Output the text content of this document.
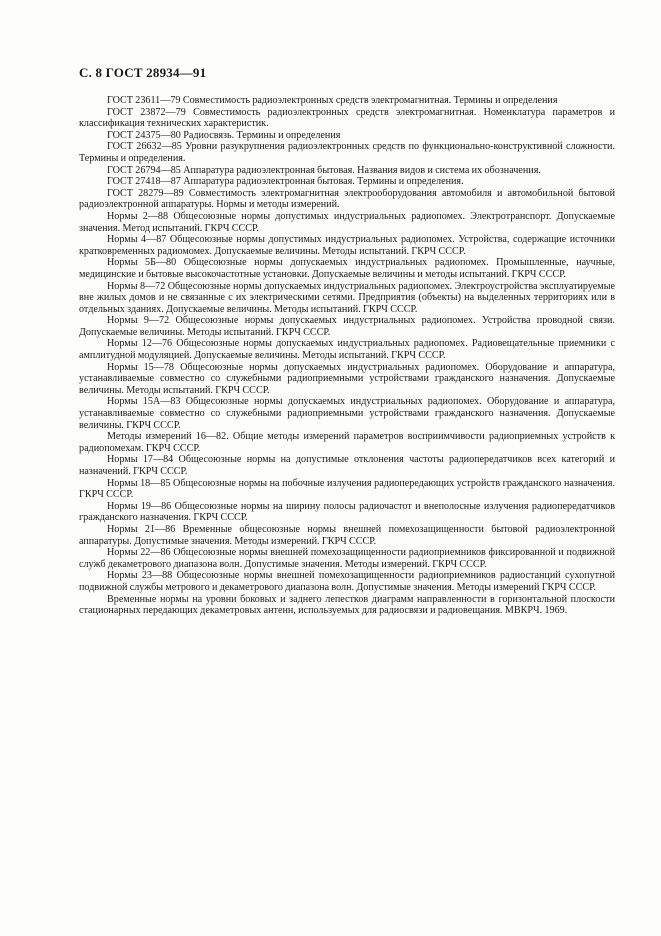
С. 8 ГОСТ 28934—91

ГОСТ 23611—79 Совместимость радиоэлектронных средств электромагнитная. Термины и определения

ГОСТ 23872—79 Совместимость радиоэлектронных средств электромагнитная. Номенклатура параметров и классификация технических характеристик.

ГОСТ 24375—80 Радиосвязь. Термины и определения

ГОСТ 26632—85 Уровни разукрупнения радиоэлектронных средств по функционально-конструктивной сложности. Термины и определения.

ГОСТ 26794—85 Аппаратура радиоэлектронная бытовая. Названия видов и система их обозначения.

ГОСТ 27418—87 Аппаратура радиоэлектронная бытовая. Термины и определения.

ГОСТ 28279—89 Совместимость электромагнитная электрооборудования автомобиля и автомобильной бытовой радиоэлектронной аппаратуры. Нормы и методы измерений.

Нормы 2—88 Общесоюзные нормы допустимых индустриальных радиопомех. Электротранспорт. Допускаемые значения. Метод испытаний. ГКРЧ СССР.

Нормы 4—87 Общесоюзные нормы допустимых индустриальных радиопомех. Устройства, содержащие источники кратковременных радиомомех. Допускаемые величины. Методы испытаний. ГКРЧ СССР.

Нормы 5Б—80 Общесоюзные нормы допускаемых индустриальных радиопомех. Промышленные, научные, медицинские и бытовые высокочастотные установки. Допускаемые величины и методы испытаний. ГКРЧ СССР.

Нормы 8—72 Общесоюзные нормы допускаемых индустриальных радиопомех. Электроустройства эксплуатируемые вне жилых домов и не связанные с их электрическими сетями. Предприятия (объекты) на выделенных территориях или в отдельных зданиях. Допускаемые величины. Методы испытаний. ГКРЧ СССР.

Нормы 9—72 Общесоюзные нормы допускаемых индустриальных радиопомех. Устройства проводной связи. Допускаемые величины. Методы испытаний. ГКРЧ СССР.

Нормы 12—76 Общесоюзные нормы допускаемых индустриальных радиопомех. Радиовещательные приемники с амплитудной модуляцией. Допускаемые величины. Методы испытаний. ГКРЧ СССР.

Нормы 15—78 Общесоюзные нормы допускаемых индустриальных радиопомех. Оборудование и аппаратура, устанавливаемые совместно со служебными радиоприемными устройствами гражданского назначения. Допускаемые величины. Методы испытаний. ГКРЧ СССР.

Нормы 15А—83 Общесоюзные нормы допускаемых индустриальных радиопомех. Оборудование и аппаратура, устанавливаемые совместно со служебными радиоприемными устройствами гражданского назначения. Допускаемые величины. ГКРЧ СССР.

Методы измерений 16—82. Общие методы измерений параметров восприимчивости радиоприемных устройств к радиопомехам. ГКРЧ СССР.

Нормы 17—84 Общесоюзные нормы на допустимые отклонения частоты радиопередатчиков всех категорий и назначений. ГКРЧ СССР.

Нормы 18—85 Общесоюзные нормы на побочные излучения радиопередающих устройств гражданского назначения. ГКРЧ СССР.

Нормы 19—86 Общесоюзные нормы на ширину полосы радиочастот и внеполосные излучения радиопередатчиков гражданского назначения. ГКРЧ СССР.

Нормы 21—86 Временные общесоюзные нормы внешней помехозащищенности бытовой радиоэлектронной аппаратуры. Допустимые значения. Методы измерений. ГКРЧ СССР.

Нормы 22—86 Общесоюзные нормы внешней помехозащищенности радиоприемников фиксированной и подвижной служб декаметрового диапазона волн. Допустимые значения. Методы измерений. ГКРЧ СССР.

Нормы 23—88 Общесоюзные нормы внешней помехозащищенности радиоприемников радиостанций сухопутной подвижной службы метрового и декаметрового диапазона волн. Допустимые значения. Методы измерений ГКРЧ СССР.

Временные нормы на уровни боковых и заднего лепестков диаграмм направленности в горизонтальной плоскости стационарных передающих декаметровых антенн, используемых для радиосвязи и радиовещания. МВКРЧ. 1969.
